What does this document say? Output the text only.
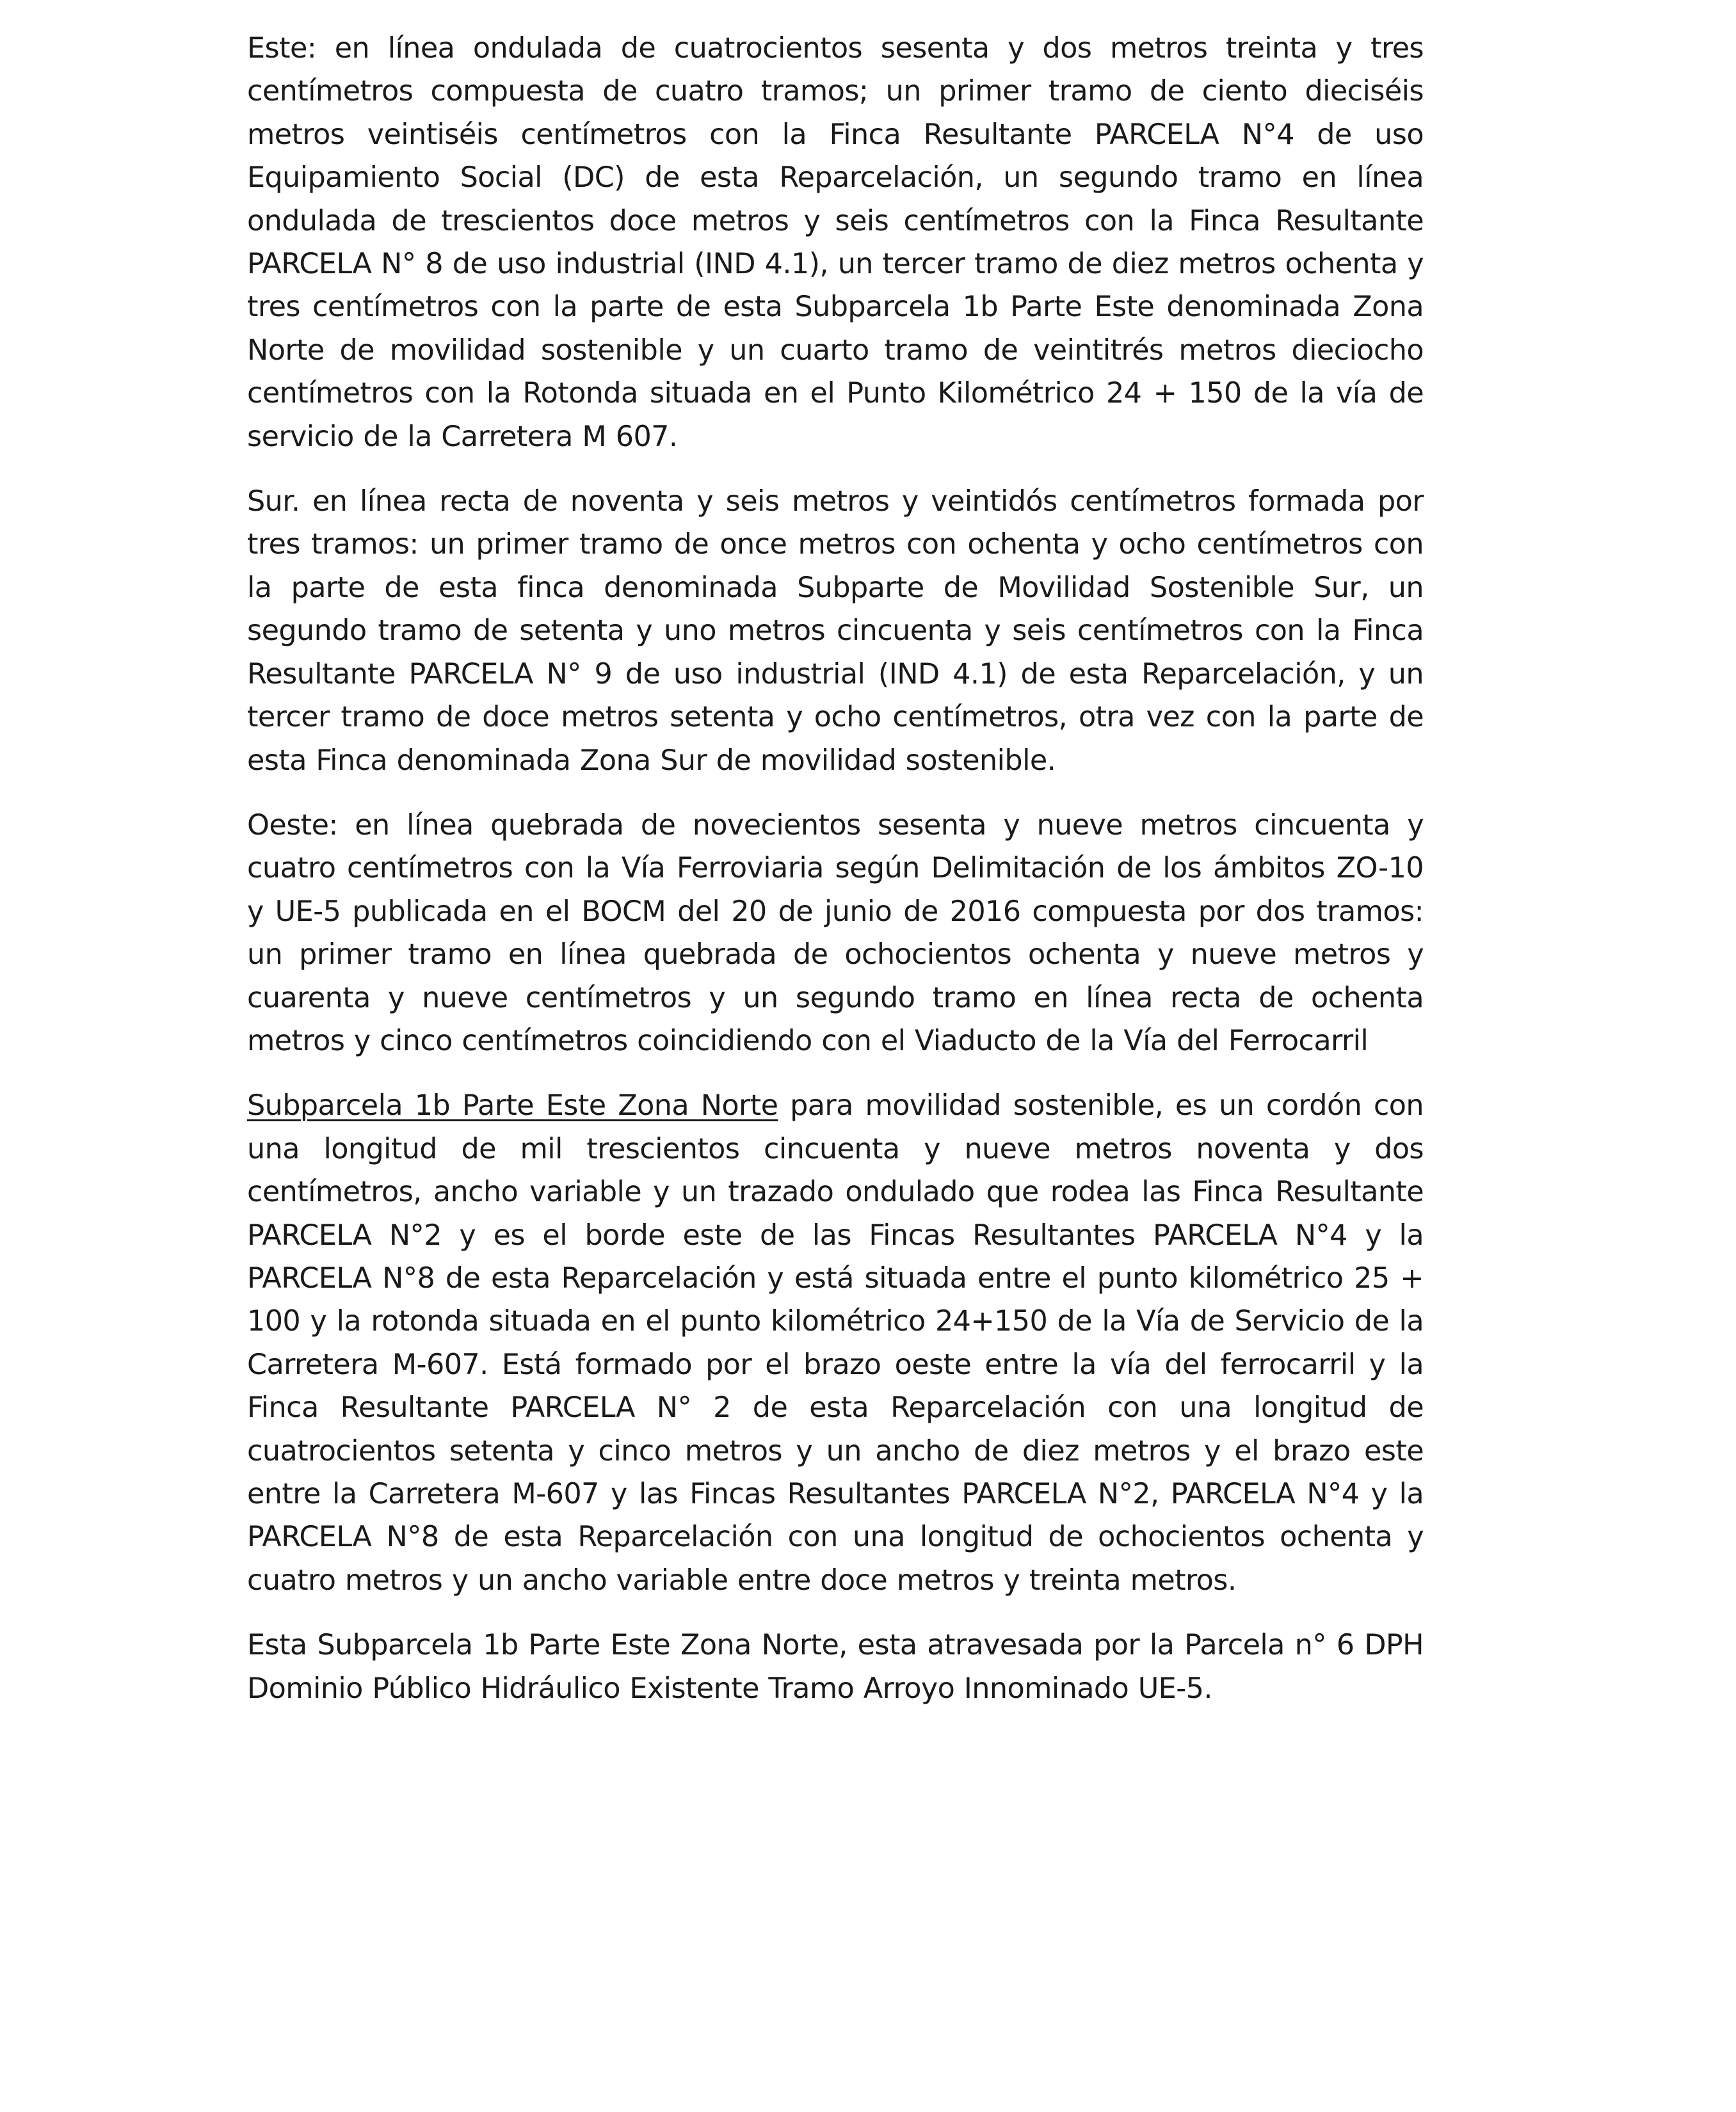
Este: en línea ondulada de cuatrocientos sesenta y dos metros treinta y tres centímetros compuesta de cuatro tramos; un primer tramo de ciento dieciséis metros veintiséis centímetros con la Finca Resultante PARCELA N°4 de uso Equipamiento Social (DC) de esta Reparcelación, un segundo tramo en línea ondulada de trescientos doce metros y seis centímetros con la Finca Resultante PARCELA N° 8 de uso industrial (IND 4.1), un tercer tramo de diez metros ochenta y tres centímetros con la parte de esta Subparcela 1b Parte Este denominada Zona Norte de movilidad sostenible y un cuarto tramo de veintitrés metros dieciocho centímetros con la Rotonda situada en el Punto Kilométrico 24 + 150 de la vía de servicio de la Carretera M 607.

Sur. en línea recta de noventa y seis metros y veintidós centímetros formada por tres tramos: un primer tramo de once metros con ochenta y ocho centímetros con la parte de esta finca denominada Subparte de Movilidad Sostenible Sur, un segundo tramo de setenta y uno metros cincuenta y seis centímetros con la Finca Resultante PARCELA N° 9 de uso industrial (IND 4.1) de esta Reparcelación, y un tercer tramo de doce metros setenta y ocho centímetros, otra vez con la parte de esta Finca denominada Zona Sur de movilidad sostenible.

Oeste: en línea quebrada de novecientos sesenta y nueve metros cincuenta y cuatro centímetros con la Vía Ferroviaria según Delimitación de los ámbitos ZO-10 y UE-5 publicada en el BOCM del 20 de junio de 2016 compuesta por dos tramos: un primer tramo en línea quebrada de ochocientos ochenta y nueve metros y cuarenta y nueve centímetros y un segundo tramo en línea recta de ochenta metros y cinco centímetros coincidiendo con el Viaducto de la Vía del Ferrocarril

Subparcela 1b Parte Este Zona Norte para movilidad sostenible, es un cordón con una longitud de mil trescientos cincuenta y nueve metros noventa y dos centímetros, ancho variable y un trazado ondulado que rodea las Finca Resultante PARCELA N°2 y es el borde este de las Fincas Resultantes PARCELA N°4 y la PARCELA N°8 de esta Reparcelación y está situada entre el punto kilométrico 25 + 100 y la rotonda situada en el punto kilométrico 24+150 de la Vía de Servicio de la Carretera M-607. Está formado por el brazo oeste entre la vía del ferrocarril y la Finca Resultante PARCELA N° 2 de esta Reparcelación con una longitud de cuatrocientos setenta y cinco metros y un ancho de diez metros y el brazo este entre la Carretera M-607 y las Fincas Resultantes PARCELA N°2, PARCELA N°4 y la PARCELA N°8 de esta Reparcelación con una longitud de ochocientos ochenta y cuatro metros y un ancho variable entre doce metros y treinta metros.

Esta Subparcela 1b Parte Este Zona Norte, esta atravesada por la Parcela n° 6 DPH Dominio Público Hidráulico Existente Tramo Arroyo Innominado UE-5.
